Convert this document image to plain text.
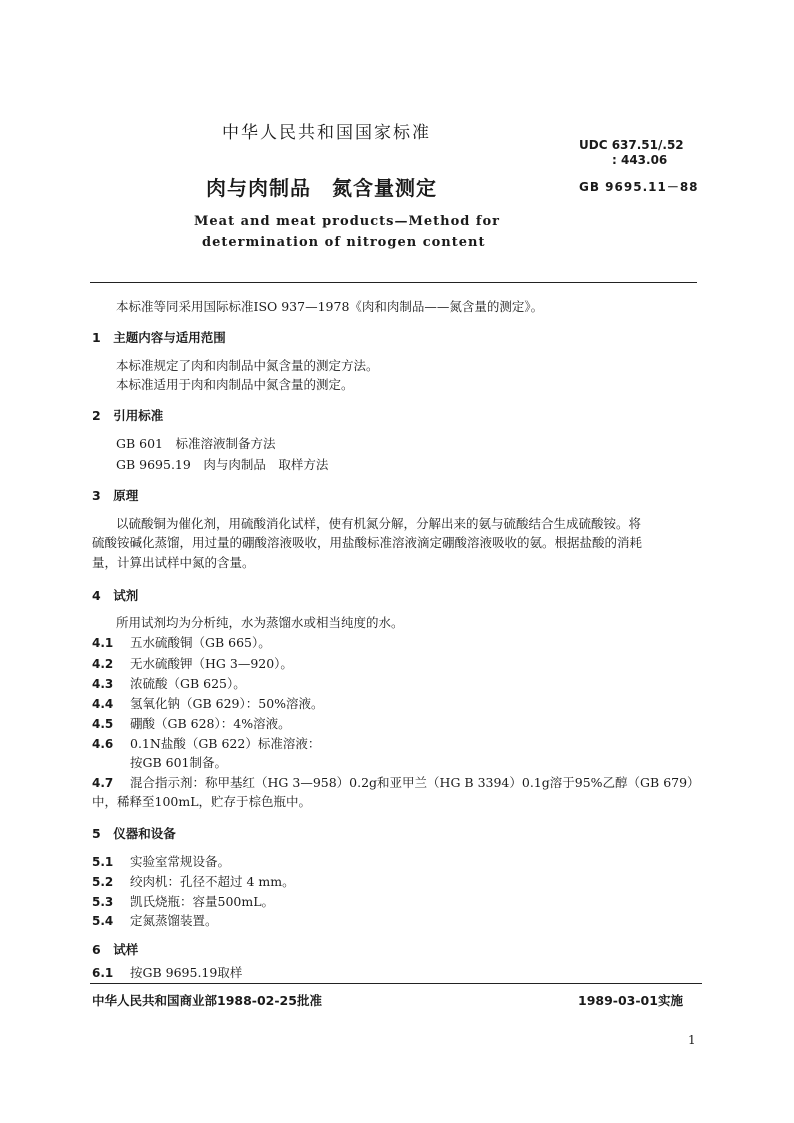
中华人民共和国国家标准
UDC 637.51/.52
: 443.06
肉与肉制品　氮含量测定	GB 9695.11－88
Meat and meat products—Method for
determination of nitrogen content
本标准等同采用国际标准ISO 937—1978《肉和肉制品——氮含量的测定》。
1　 主题内容与适用范围
本标准规定了肉和肉制品中氮含量的测定方法。
本标准适用于肉和肉制品中氮含量的测定。
2　 引用标准
GB 601　标准溶液制备方法
GB 9695.19　肉与肉制品　取样方法
3　 原理
以硫酸铜为催化剂，用硫酸消化试样，使有机氮分解，分解出来的氨与硫酸结合生成硫酸铵。将
硫酸铵碱化蒸馏，用过量的硼酸溶液吸收，用盐酸标准溶液滴定硼酸溶液吸收的氨。根据盐酸的消耗
量，计算出试样中氮的含量。
4　 试剂
所用试剂均为分析纯，水为蒸馏水或相当纯度的水。
4.1 五水硫酸铜（GB 665）。
4.2 无水硫酸钾（HG 3—920）。
4.3 浓硫酸（GB 625）。
4.4 氢氧化钠（GB 629）：50%溶液。
4.5 硼酸（GB 628）：4%溶液。
4.6 0.1N盐酸（GB 622）标准溶液：
按GB 601制备。
4.7 混合指示剂：称甲基红（HG 3—958）0.2g和亚甲兰（HG B 3394）0.1g溶于95%乙醇（GB 679）
中，稀释至100mL，贮存于棕色瓶中。
5　 仪器和设备
5.1 实验室常规设备。
5.2 绞肉机：孔径不超过 4 mm。
5.3 凯氏烧瓶：容量500mL。
5.4 定氮蒸馏装置。
6　 试样
6.1 按GB 9695.19取样
中华人民共和国商业部1988-02-25批准	1989-03-01实施
1
